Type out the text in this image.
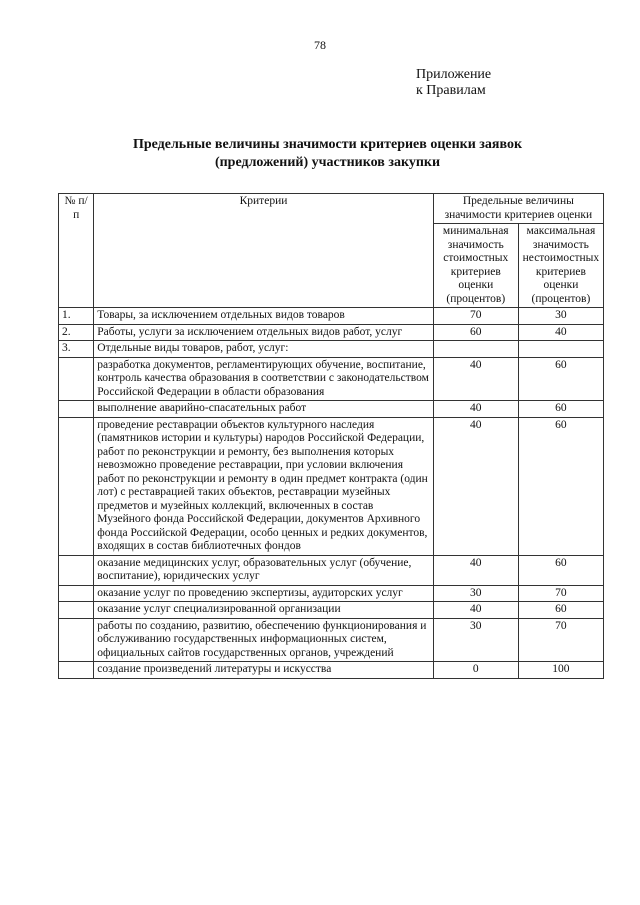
78
Приложение
к Правилам
Предельные величины значимости критериев оценки заявок
(предложений) участников закупки
№ п/п	Критерии	Предельные величины значимости критериев оценки	
		минимальная значимость стоимостных критериев оценки (процентов)	максимальная значимость нестоимостных критериев оценки (процентов)
1.	Товары, за исключением отдельных видов товаров	70	30
2.	Работы, услуги за исключением отдельных видов работ, услуг	60	40
3.	Отдельные виды товаров, работ, услуг:		
	разработка документов, регламентирующих обучение, воспитание, контроль качества образования в соответствии с законодательством Российской Федерации в области образования	40	60
	выполнение аварийно-спасательных работ	40	60
	проведение реставрации объектов культурного наследия (памятников истории и культуры) народов Российской Федерации, работ по реконструкции и ремонту, без выполнения которых невозможно проведение реставрации, при условии включения работ по реконструкции и ремонту в один предмет контракта (один лот) с реставрацией таких объектов, реставрации музейных предметов и музейных коллекций, включенных в состав Музейного фонда Российской Федерации, документов Архивного фонда Российской Федерации, особо ценных и редких документов, входящих в состав библиотечных фондов	40	60
	оказание медицинских услуг, образовательных услуг (обучение, воспитание), юридических услуг	40	60
	оказание услуг по проведению экспертизы, аудиторских услуг	30	70
	оказание услуг специализированной организации	40	60
	работы по созданию, развитию, обеспечению функционирования и обслуживанию государственных информационных систем, официальных сайтов государственных органов, учреждений	30	70
	создание произведений литературы и искусства	0	100
